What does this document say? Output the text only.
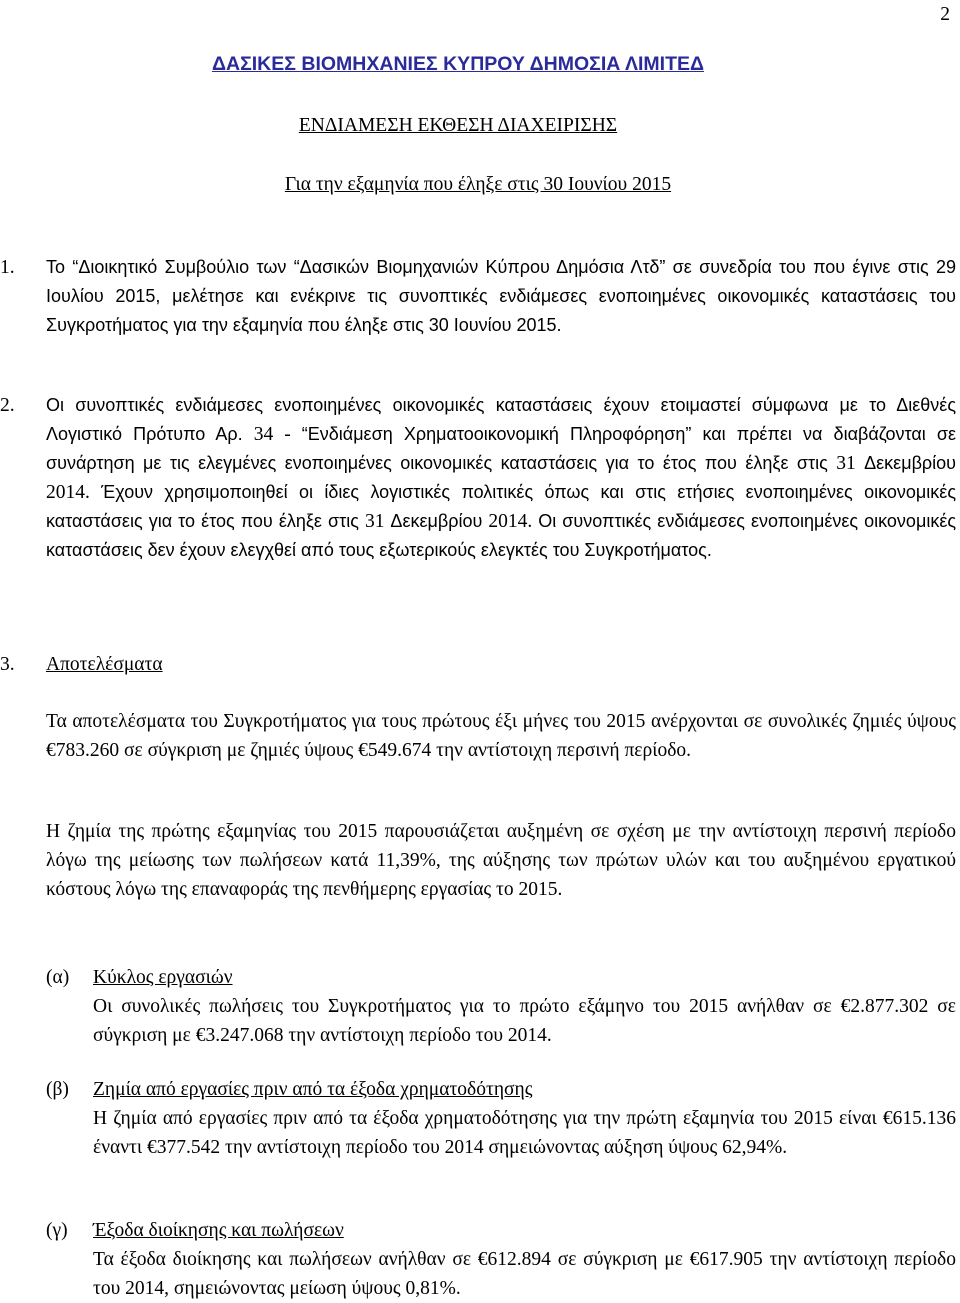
2
ΔΑΣΙΚΕΣ ΒΙΟΜΗΧΑΝΙΕΣ ΚΥΠΡΟΥ ΔΗΜΟΣΙΑ ΛΙΜΙΤΕΔ
ΕΝΔΙΑΜΕΣΗ ΕΚΘΕΣΗ ΔΙΑΧΕΙΡΙΣΗΣ
Για την εξαμηνία που έληξε στις 30 Ιουνίου 2015
1. Το “Διοικητικό Συμβούλιο των “Δασικών Βιομηχανιών Κύπρου Δημόσια Λτδ” σε συνεδρία του που έγινε στις 29 Ιουλίου 2015, μελέτησε και ενέκρινε τις συνοπτικές ενδιάμεσες ενοποιημένες οικονομικές καταστάσεις του Συγκροτήματος για την εξαμηνία που έληξε στις 30 Ιουνίου 2015.
2. Οι συνοπτικές ενδιάμεσες ενοποιημένες οικονομικές καταστάσεις έχουν ετοιμαστεί σύμφωνα με το Διεθνές Λογιστικό Πρότυπο Αρ. 34 - “Ενδιάμεση Χρηματοοικονομική Πληροφόρηση” και πρέπει να διαβάζονται σε συνάρτηση με τις ελεγμένες ενοποιημένες οικονομικές καταστάσεις για το έτος που έληξε στις 31 Δεκεμβρίου 2014. Έχουν χρησιμοποιηθεί οι ίδιες λογιστικές πολιτικές όπως και στις ετήσιες ενοποιημένες οικονομικές καταστάσεις για το έτος που έληξε στις 31 Δεκεμβρίου 2014. Οι συνοπτικές ενδιάμεσες ενοποιημένες οικονομικές καταστάσεις δεν έχουν ελεγχθεί από τους εξωτερικούς ελεγκτές του Συγκροτήματος.
3. Αποτελέσματα
Τα αποτελέσματα του Συγκροτήματος για τους πρώτους έξι μήνες του 2015 ανέρχονται σε συνολικές ζημιές ύψους €783.260 σε σύγκριση με ζημιές ύψους €549.674 την αντίστοιχη περσινή περίοδο.
Η ζημία της πρώτης εξαμηνίας του 2015 παρουσιάζεται αυξημένη σε σχέση με την αντίστοιχη περσινή περίοδο λόγω της μείωσης των πωλήσεων κατά 11,39%, της αύξησης των πρώτων υλών και του αυξημένου εργατικού κόστους λόγω της επαναφοράς της πενθήμερης εργασίας το 2015.
(α) Κύκλος εργασιών
Οι συνολικές πωλήσεις του Συγκροτήματος για το πρώτο εξάμηνο του 2015 ανήλθαν σε €2.877.302 σε σύγκριση με €3.247.068 την αντίστοιχη περίοδο του 2014.
(β) Ζημία από εργασίες πριν από τα έξοδα χρηματοδότησης
Η ζημία από εργασίες πριν από τα έξοδα χρηματοδότησης για την πρώτη εξαμηνία του 2015 είναι €615.136 έναντι €377.542 την αντίστοιχη περίοδο του 2014 σημειώνοντας αύξηση ύψους 62,94%.
(γ) Έξοδα διοίκησης και πωλήσεων
Τα έξοδα διοίκησης και πωλήσεων ανήλθαν σε €612.894 σε σύγκριση με €617.905 την αντίστοιχη περίοδο του 2014, σημειώνοντας μείωση ύψους 0,81%.
